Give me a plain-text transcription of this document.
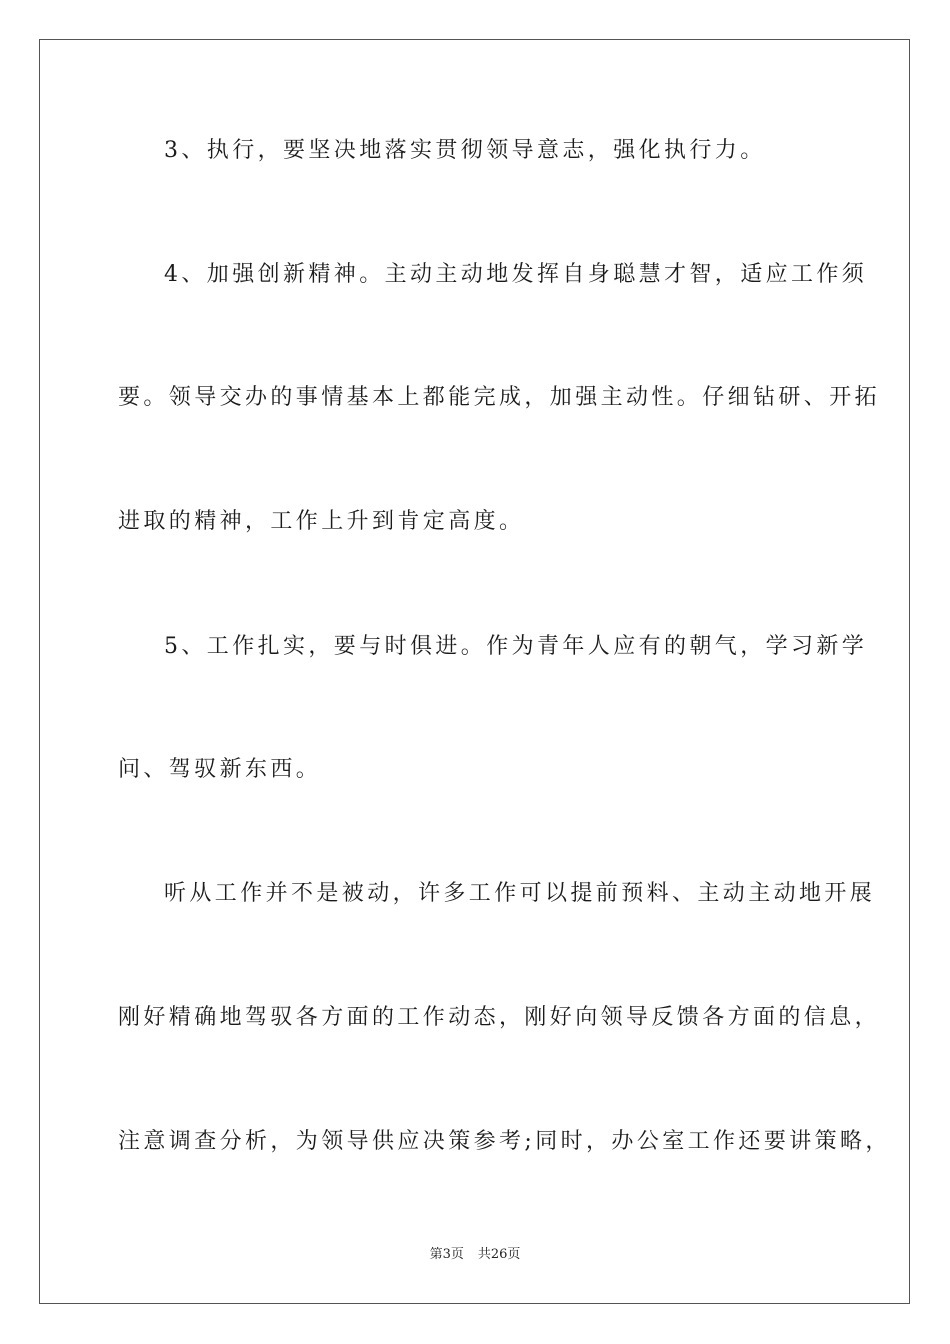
3、执行，要坚决地落实贯彻领导意志，强化执行力。
4、加强创新精神。主动主动地发挥自身聪慧才智，适应工作须
要。领导交办的事情基本上都能完成，加强主动性。仔细钻研、开拓
进取的精神，工作上升到肯定高度。
5、工作扎实，要与时俱进。作为青年人应有的朝气，学习新学
问、驾驭新东西。
听从工作并不是被动，许多工作可以提前预料、主动主动地开展
刚好精确地驾驭各方面的工作动态，刚好向领导反馈各方面的信息，
注意调查分析，为领导供应决策参考;同时，办公室工作还要讲策略，
第3页 共26页
